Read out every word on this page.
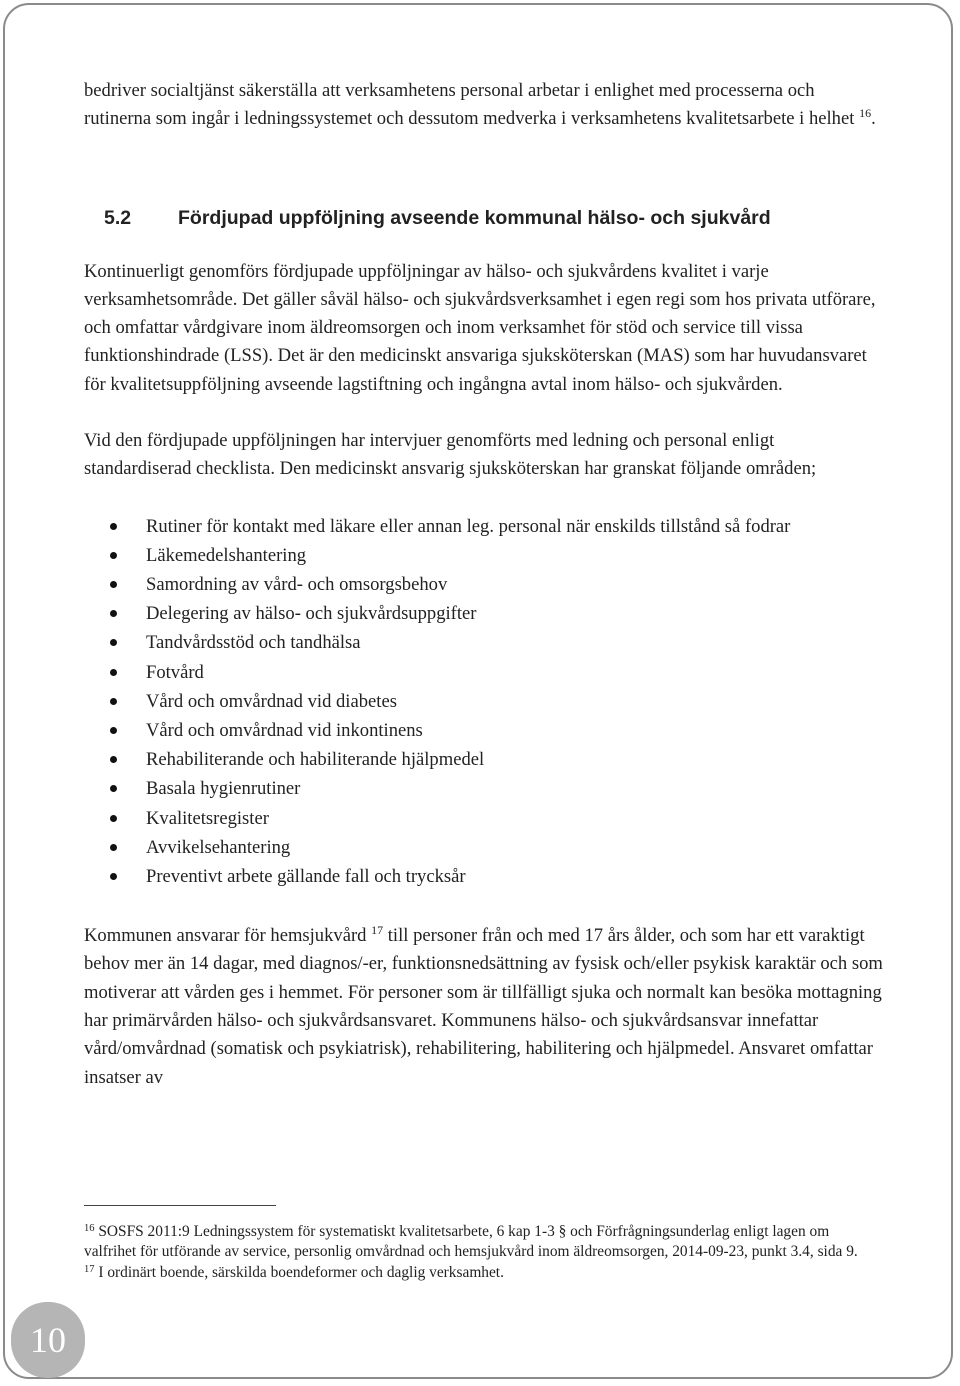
bedriver socialtjänst säkerställa att verksamhetens personal arbetar i enlighet med processerna och rutinerna som ingår i ledningssystemet och dessutom medverka i verksamhetens kvalitetsarbete i helhet $^{16}$.

5.2	Fördjupad uppföljning avseende kommunal hälso- och sjukvård

Kontinuerligt genomförs fördjupade uppföljningar av hälso- och sjukvårdens kvalitet i varje verksamhetsområde. Det gäller såväl hälso- och sjukvårdsverksamhet i egen regi som hos privata utförare, och omfattar vårdgivare inom äldreomsorgen och inom verksamhet för stöd och service till vissa funktionshindrade (LSS). Det är den medicinskt ansvariga sjuksköterskan (MAS) som har huvudansvaret för kvalitetsuppföljning avseende lagstiftning och ingångna avtal inom hälso- och sjukvården.

Vid den fördjupade uppföljningen har intervjuer genomförts med ledning och personal enligt standardiserad checklista. Den medicinskt ansvarig sjuksköterskan har granskat följande områden;

Rutiner för kontakt med läkare eller annan leg. personal när enskilds tillstånd så fodrar
Läkemedelshantering
Samordning av vård- och omsorgsbehov
Delegering av hälso- och sjukvårdsuppgifter
Tandvårdsstöd och tandhälsa
Fotvård
Vård och omvårdnad vid diabetes
Vård och omvårdnad vid inkontinens
Rehabiliterande och habiliterande hjälpmedel
Basala hygienrutiner
Kvalitetsregister
Avvikelsehantering
Preventivt arbete gällande fall och trycksår

Kommunen ansvarar för hemsjukvård $^{17}$ till personer från och med 17 års ålder, och som har ett varaktigt behov mer än 14 dagar, med diagnos/-er, funktionsnedsättning av fysisk och/eller psykisk karaktär och som motiverar att vården ges i hemmet. För personer som är tillfälligt sjuka och normalt kan besöka mottagning har primärvården hälso- och sjukvårdsansvaret. Kommunens hälso- och sjukvårdsansvar innefattar vård/omvårdnad (somatisk och psykiatrisk), rehabilitering, habilitering och hjälpmedel. Ansvaret omfattar insatser av

$^{16}$ SOSFS 2011:9 Ledningssystem för systematiskt kvalitetsarbete, 6 kap 1-3 § och Förfrågningsunderlag enligt lagen om valfrihet för utförande av service, personlig omvårdnad och hemsjukvård inom äldreomsorgen, 2014-09-23, punkt 3.4, sida 9.

$^{17}$ I ordinärt boende, särskilda boendeformer och daglig verksamhet.

10
